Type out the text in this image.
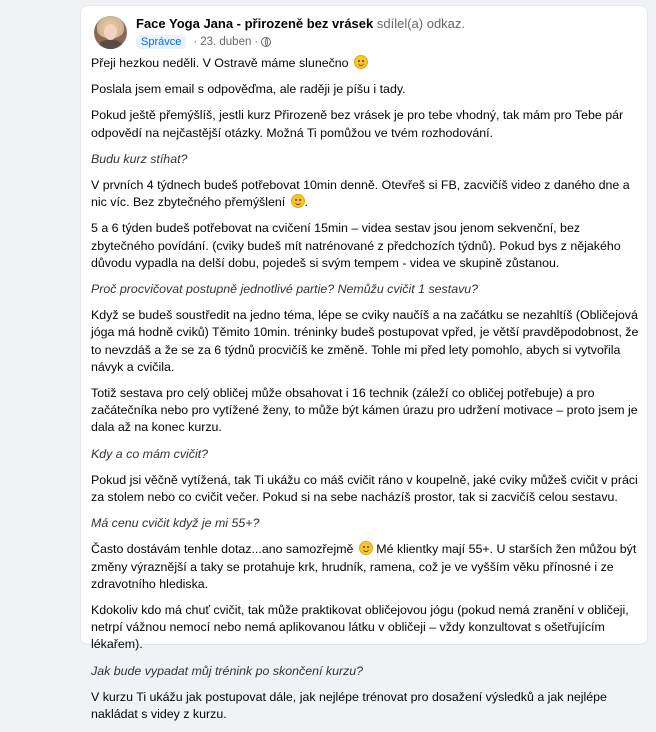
Face Yoga Jana - přirozeně bez vrásek sdílel(a) odkaz.
Správce	· 23. duben ·

Přeji hezkou neděli. V Ostravě máme slunečno

Poslala jsem email s odpověďma, ale raději je píšu i tady.

Pokud ještě přemýšlíš, jestli kurz Přirozeně bez vrásek je pro tebe vhodný, tak mám pro Tebe pár odpovědí na nejčastější otázky. Možná Ti pomůžou ve tvém rozhodování.

Budu kurz stíhat?

V prvních 4 týdnech budeš potřebovat 10min denně. Otevřeš si FB, zacvičíš video z daného dne a nic víc. Bez zbytečného přemýšlení .

5 a 6 týden budeš potřebovat na cvičení 15min – videa sestav jsou jenom sekvenční, bez zbytečného povídání. (cviky budeš mít natrénované z předchozích týdnů). Pokud bys z nějakého důvodu vypadla na delší dobu, pojedeš si svým tempem - videa ve skupině zůstanou.

Proč procvičovat postupně jednotlivé partie? Nemůžu cvičit 1 sestavu?

Když se budeš soustředit na jedno téma, lépe se cviky naučíš a na začátku se nezahltíš (Obličejová jóga má hodně cviků) Těmito 10min. tréninky budeš postupovat vpřed, je větší pravděpodobnost, že to nevzdáš a že se za 6 týdnů procvičíš ke změně. Tohle mi před lety pomohlo, abych si vytvořila návyk a cvičila.

Totiž sestava pro celý obličej může obsahovat i 16 technik (záleží co obličej potřebuje) a pro začátečníka nebo pro vytížené ženy, to může být kámen úrazu pro udržení motivace – proto jsem je dala až na konec kurzu.

Kdy a co mám cvičit?

Pokud jsi věčně vytížená, tak Ti ukážu co máš cvičit ráno v koupelně, jaké cviky můžeš cvičit v práci za stolem nebo co cvičit večer. Pokud si na sebe nacházíš prostor, tak si zacvičíš celou sestavu.

Má cenu cvičit když je mi 55+?

Často dostávám tenhle dotaz...ano samozřejmě  Mé klientky mají 55+. U starších žen můžou být změny výraznější a taky se protahuje krk, hrudník, ramena, což je ve vyšším věku přínosné i ze zdravotního hlediska.

Kdokoliv kdo má chuť cvičit, tak může praktikovat obličejovou jógu (pokud nemá zranění v obličeji, netrpí vážnou nemocí nebo nemá aplikovanou látku v obličeji – vždy konzultovat s ošetřujícím lékařem).

Jak bude vypadat můj trénink po skončení kurzu?

V kurzu Ti ukážu jak postupovat dále, jak nejlépe trénovat pro dosažení výsledků a jak nejlépe nakládat s videy z kurzu.
